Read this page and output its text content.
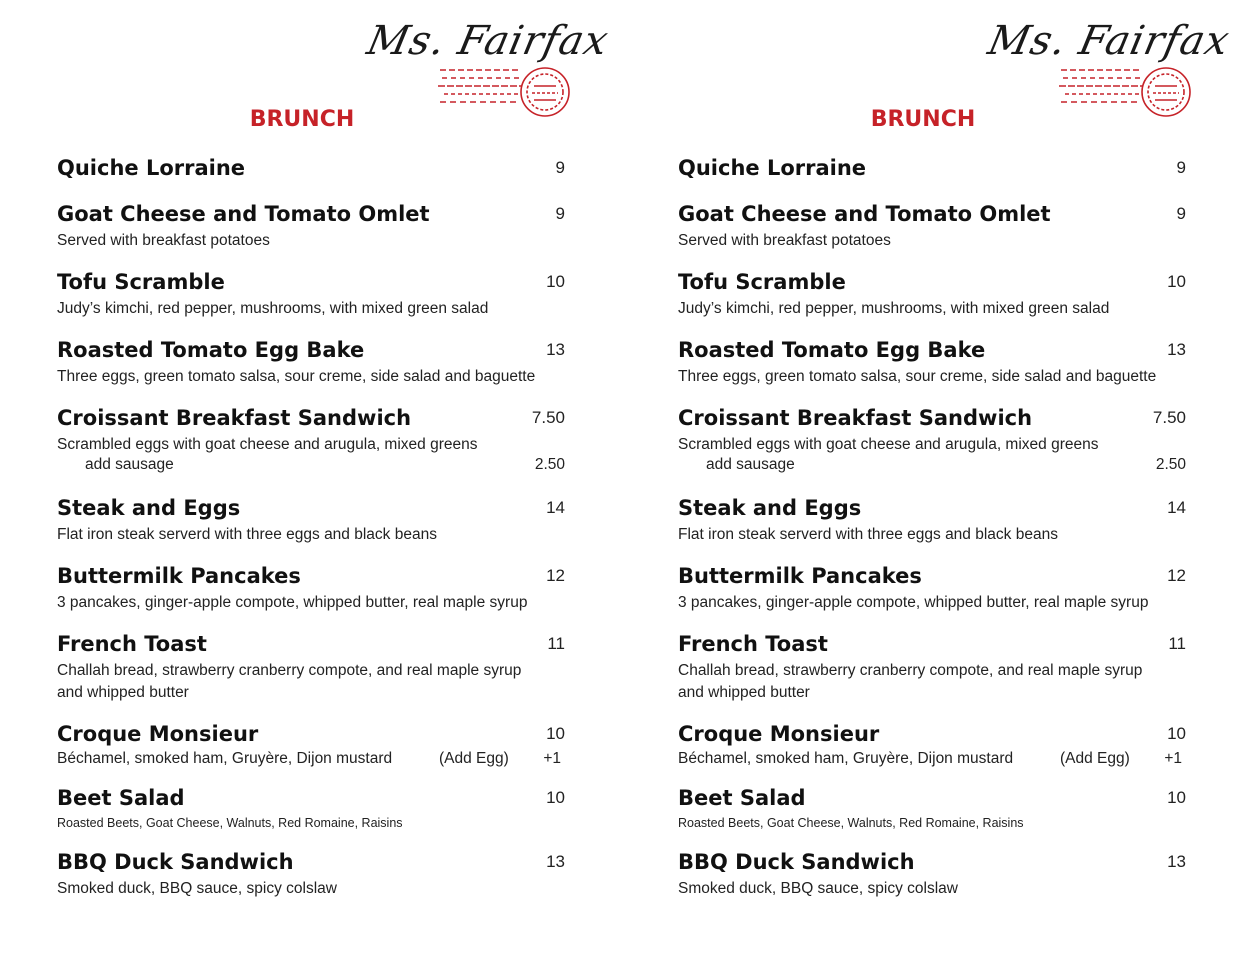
Ms. Fairfax
BRUNCH
Quiche Lorraine	9
Goat Cheese and Tomato Omlet	9
Served with breakfast potatoes
Tofu Scramble	10
Judy’s kimchi, red pepper, mushrooms, with mixed green salad
Roasted Tomato Egg Bake	13
Three eggs, green tomato salsa, sour creme, side salad and baguette
Croissant Breakfast Sandwich	7.50
Scrambled eggs with goat cheese and arugula, mixed greens
add sausage	2.50
Steak and Eggs	14
Flat iron steak serverd with three eggs and black beans
Buttermilk Pancakes	12
3 pancakes, ginger-apple compote, whipped butter, real maple syrup
French Toast	11
Challah bread, strawberry cranberry compote, and real maple syrup
and whipped butter
Croque Monsieur	10
Béchamel, smoked ham, Gruyère, Dijon mustard	(Add Egg) +1
Beet Salad	10
Roasted Beets, Goat Cheese, Walnuts, Red Romaine, Raisins
BBQ Duck Sandwich	13
Smoked duck, BBQ sauce, spicy colslaw
Ms. Fairfax
BRUNCH
Quiche Lorraine	9
Goat Cheese and Tomato Omlet	9
Served with breakfast potatoes
Tofu Scramble	10
Judy’s kimchi, red pepper, mushrooms, with mixed green salad
Roasted Tomato Egg Bake	13
Three eggs, green tomato salsa, sour creme, side salad and baguette
Croissant Breakfast Sandwich	7.50
Scrambled eggs with goat cheese and arugula, mixed greens
add sausage	2.50
Steak and Eggs	14
Flat iron steak serverd with three eggs and black beans
Buttermilk Pancakes	12
3 pancakes, ginger-apple compote, whipped butter, real maple syrup
French Toast	11
Challah bread, strawberry cranberry compote, and real maple syrup
and whipped butter
Croque Monsieur	10
Béchamel, smoked ham, Gruyère, Dijon mustard	(Add Egg) +1
Beet Salad	10
Roasted Beets, Goat Cheese, Walnuts, Red Romaine, Raisins
BBQ Duck Sandwich	13
Smoked duck, BBQ sauce, spicy colslaw
